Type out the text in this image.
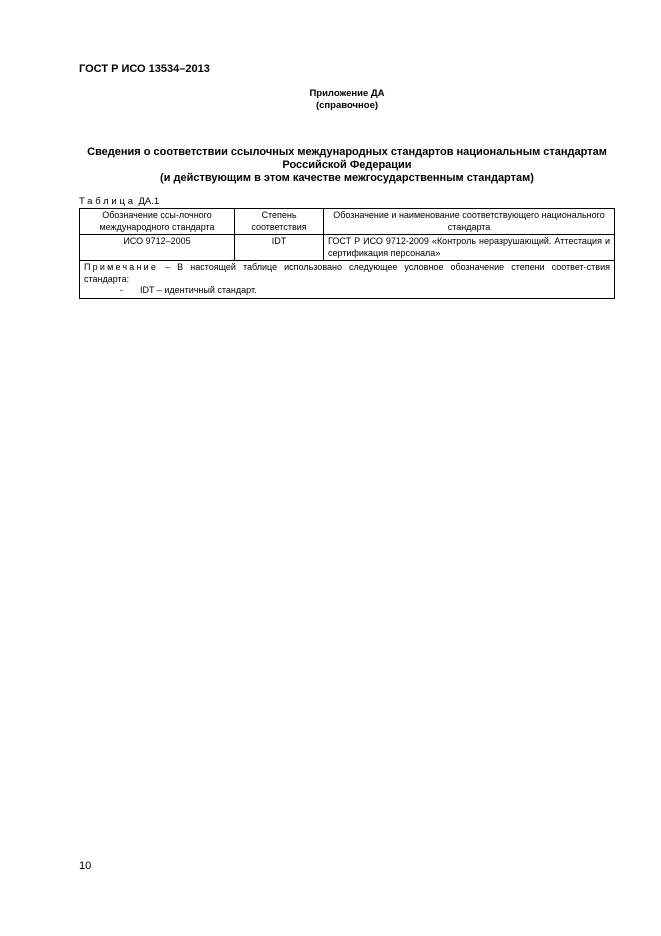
ГОСТ Р ИСО 13534–2013
Приложение ДА
(справочное)
Сведения о соответствии ссылочных международных стандартов национальным стандартам
Российской Федерации
(и действующим в этом качестве межгосударственным стандартам)
Таблица ДА.1
Обозначение ссы-лочного международного стандарта	Степень соответствия	Обозначение и наименование соответствующего национального стандарта
ИСО 9712–2005	IDT	ГОСТ Р ИСО 9712-2009 «Контроль неразрушающий. Аттестация и сертификация персонала»
Примечание – В настоящей таблице использовано следующее условное обозначение степени соответ-ствия стандарта:
- IDT – идентичный стандарт.		
10
